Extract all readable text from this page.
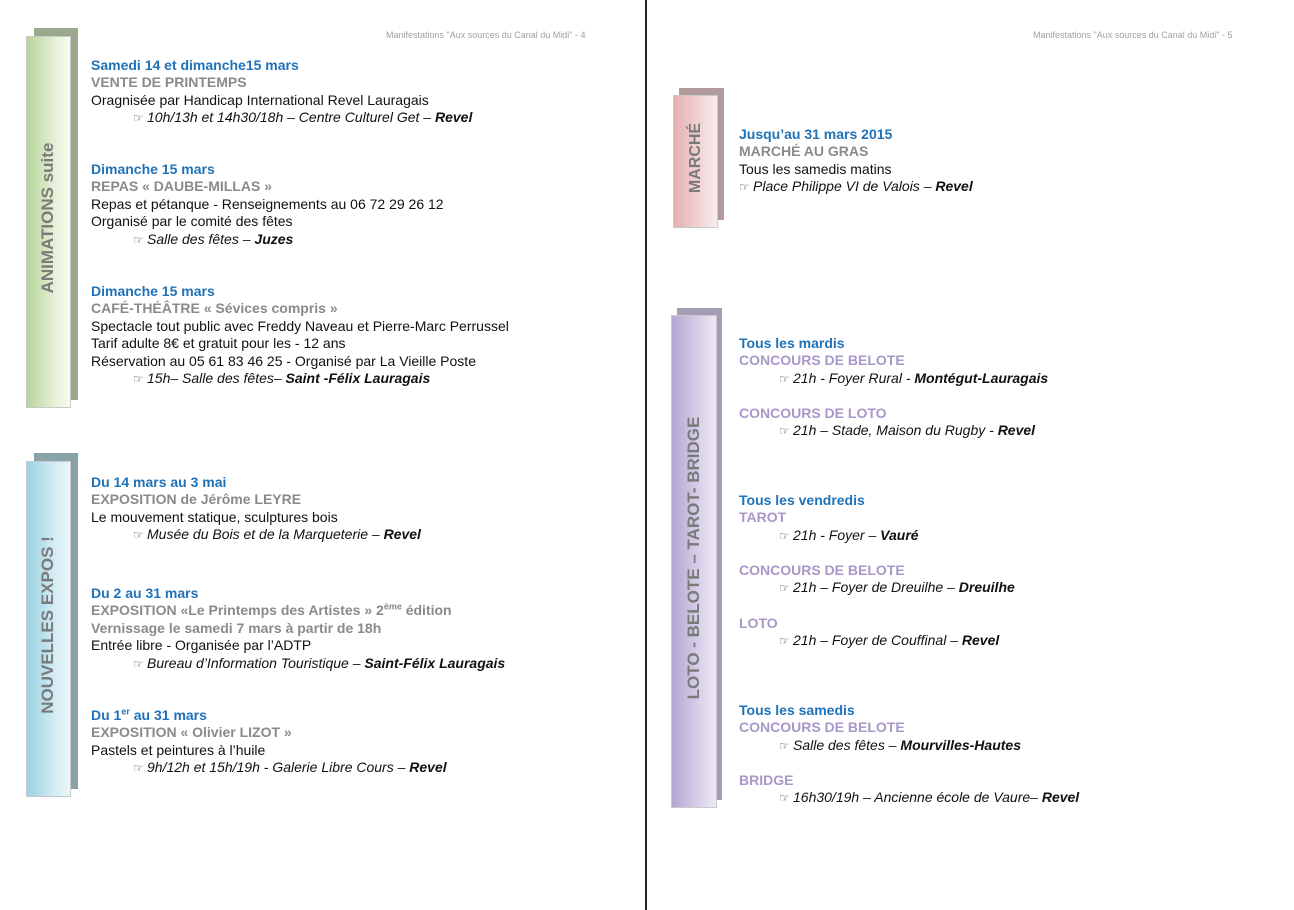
Manifestations "Aux sources du Canal du Midi" - 4	Manifestations "Aux sources du Canal du Midi" - 5
ANIMATIONS suite
NOUVELLES EXPOS !
MARCHÉ
LOTO - BELOTE – TAROT- BRIDGE
Samedi 14 et dimanche15 mars
VENTE DE PRINTEMPS
Oragnisée par Handicap International Revel Lauragais
☞ 10h/13h et 14h30/18h – Centre Culturel Get – Revel
Dimanche 15 mars
REPAS « DAUBE-MILLAS »
Repas et pétanque - Renseignements au 06 72 29 26 12
Organisé par le comité des fêtes
☞ Salle des fêtes – Juzes
Dimanche 15 mars
CAFÉ-THÉÂTRE « Sévices compris »
Spectacle tout public avec Freddy Naveau et Pierre-Marc Perrussel
Tarif adulte 8€ et gratuit pour les - 12 ans
Réservation au 05 61 83 46 25 - Organisé par La Vieille Poste
☞ 15h– Salle des fêtes– Saint -Félix Lauragais
Du 14 mars au 3 mai
EXPOSITION de Jérôme LEYRE
Le mouvement statique, sculptures bois
☞ Musée du Bois et de la Marqueterie – Revel
Du 2 au 31 mars
EXPOSITION «Le Printemps des Artistes » 2ème édition
Vernissage le samedi 7 mars à partir de 18h
Entrée libre - Organisée par l’ADTP
☞ Bureau d’Information Touristique – Saint-Félix Lauragais
Du 1er au 31 mars
EXPOSITION « Olivier LIZOT »
Pastels et peintures à l’huile
☞ 9h/12h et 15h/19h - Galerie Libre Cours – Revel
Jusqu’au 31 mars 2015
MARCHÉ AU GRAS
Tous les samedis matins
☞ Place Philippe VI de Valois – Revel
Tous les mardis
CONCOURS DE BELOTE
☞ 21h - Foyer Rural - Montégut-Lauragais
CONCOURS DE LOTO
☞ 21h – Stade, Maison du Rugby - Revel
Tous les vendredis
TAROT
☞ 21h - Foyer – Vauré
CONCOURS DE BELOTE
☞ 21h – Foyer de Dreuilhe – Dreuilhe
LOTO
☞ 21h – Foyer de Couffinal – Revel
Tous les samedis
CONCOURS DE BELOTE
☞ Salle des fêtes – Mourvilles-Hautes
BRIDGE
☞ 16h30/19h – Ancienne école de Vaure– Revel
